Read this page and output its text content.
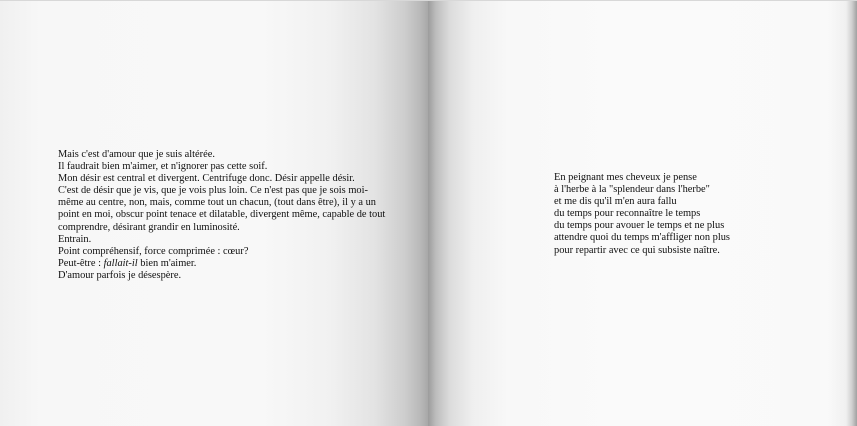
Mais c'est d'amour que je suis altérée.
Il faudrait bien m'aimer, et n'ignorer pas cette soif.
Mon désir est central et divergent. Centrifuge donc. Désir appelle désir.
C'est de désir que je vis, que je vois plus loin. Ce n'est pas que je sois moi-
même au centre, non, mais, comme tout un chacun, (tout dans être), il y a un
point en moi, obscur point tenace et dilatable, divergent même, capable de tout
comprendre, désirant grandir en luminosité.
Entrain.
Point compréhensif, force comprimée : cœur?
Peut-être : fallait-il bien m'aimer.
D'amour parfois je désespère.
En peignant mes cheveux je pense
à l'herbe à la "splendeur dans l'herbe"
et me dis qu'il m'en aura fallu
du temps pour reconnaître le temps
du temps pour avouer le temps et ne plus
attendre quoi du temps m'affliger non plus
pour repartir avec ce qui subsiste naître.
